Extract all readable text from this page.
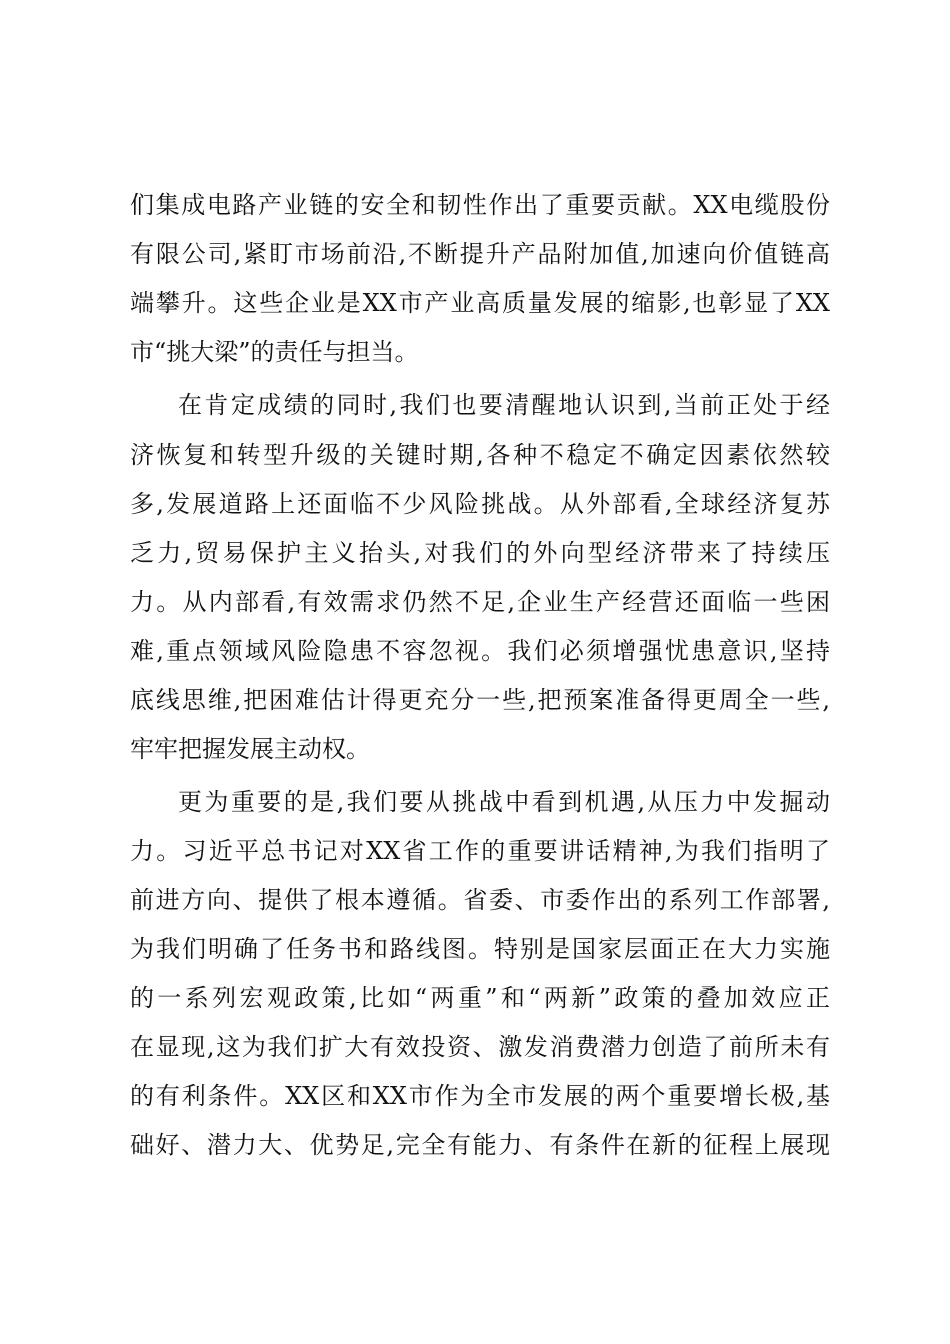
们集成电路产业链的安全和韧性作出了重要贡献。XX电缆股份
有限公司,紧盯市场前沿,不断提升产品附加值,加速向价值链高
端攀升。这些企业是XX市产业高质量发展的缩影,也彰显了XX
市“挑大梁”的责任与担当。
在肯定成绩的同时,我们也要清醒地认识到,当前正处于经
济恢复和转型升级的关键时期,各种不稳定不确定因素依然较
多,发展道路上还面临不少风险挑战。从外部看,全球经济复苏
乏力,贸易保护主义抬头,对我们的外向型经济带来了持续压
力。从内部看,有效需求仍然不足,企业生产经营还面临一些困
难,重点领域风险隐患不容忽视。我们必须增强忧患意识,坚持
底线思维,把困难估计得更充分一些,把预案准备得更周全一些,
牢牢把握发展主动权。
更为重要的是,我们要从挑战中看到机遇,从压力中发掘动
力。习近平总书记对XX省工作的重要讲话精神,为我们指明了
前进方向、提供了根本遵循。省委、市委作出的系列工作部署,
为我们明确了任务书和路线图。特别是国家层面正在大力实施
的一系列宏观政策,比如“两重”和“两新”政策的叠加效应正
在显现,这为我们扩大有效投资、激发消费潜力创造了前所未有
的有利条件。XX区和XX市作为全市发展的两个重要增长极,基
础好、潜力大、优势足,完全有能力、有条件在新的征程上展现
